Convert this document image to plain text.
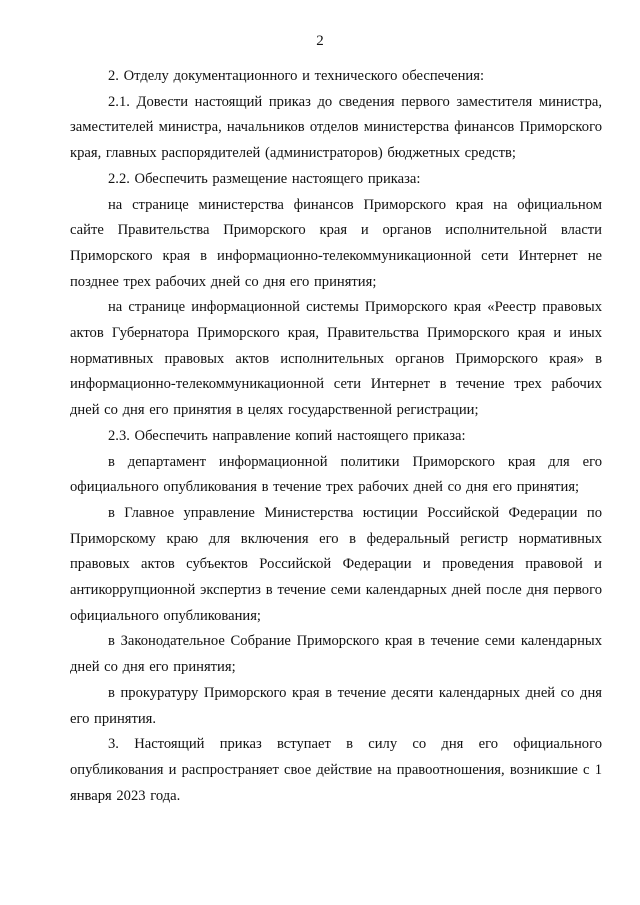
2

2. Отделу документационного и технического обеспечения:

2.1. Довести настоящий приказ до сведения первого заместителя министра, заместителей министра, начальников отделов министерства финансов Приморского края, главных распорядителей (администраторов) бюджетных средств;

2.2. Обеспечить размещение настоящего приказа:

на странице министерства финансов Приморского края на официальном сайте Правительства Приморского края и органов исполнительной власти Приморского края в информационно-телекоммуникационной сети Интернет не позднее трех рабочих дней со дня его принятия;

на странице информационной системы Приморского края «Реестр правовых актов Губернатора Приморского края, Правительства Приморского края и иных нормативных правовых актов исполнительных органов Приморского края» в информационно-телекоммуникационной сети Интернет в течение трех рабочих дней со дня его принятия в целях государственной регистрации;

2.3. Обеспечить направление копий настоящего приказа:

в департамент информационной политики Приморского края для его официального опубликования в течение трех рабочих дней со дня его принятия;

в Главное управление Министерства юстиции Российской Федерации по Приморскому краю для включения его в федеральный регистр нормативных правовых актов субъектов Российской Федерации и проведения правовой и антикоррупционной экспертиз в течение семи календарных дней после дня первого официального опубликования;

в Законодательное Собрание Приморского края в течение семи календарных дней со дня его принятия;

в прокуратуру Приморского края в течение десяти календарных дней со дня его принятия.

3. Настоящий приказ вступает в силу со дня его официального опубликования и распространяет свое действие на правоотношения, возникшие с 1 января 2023 года.
